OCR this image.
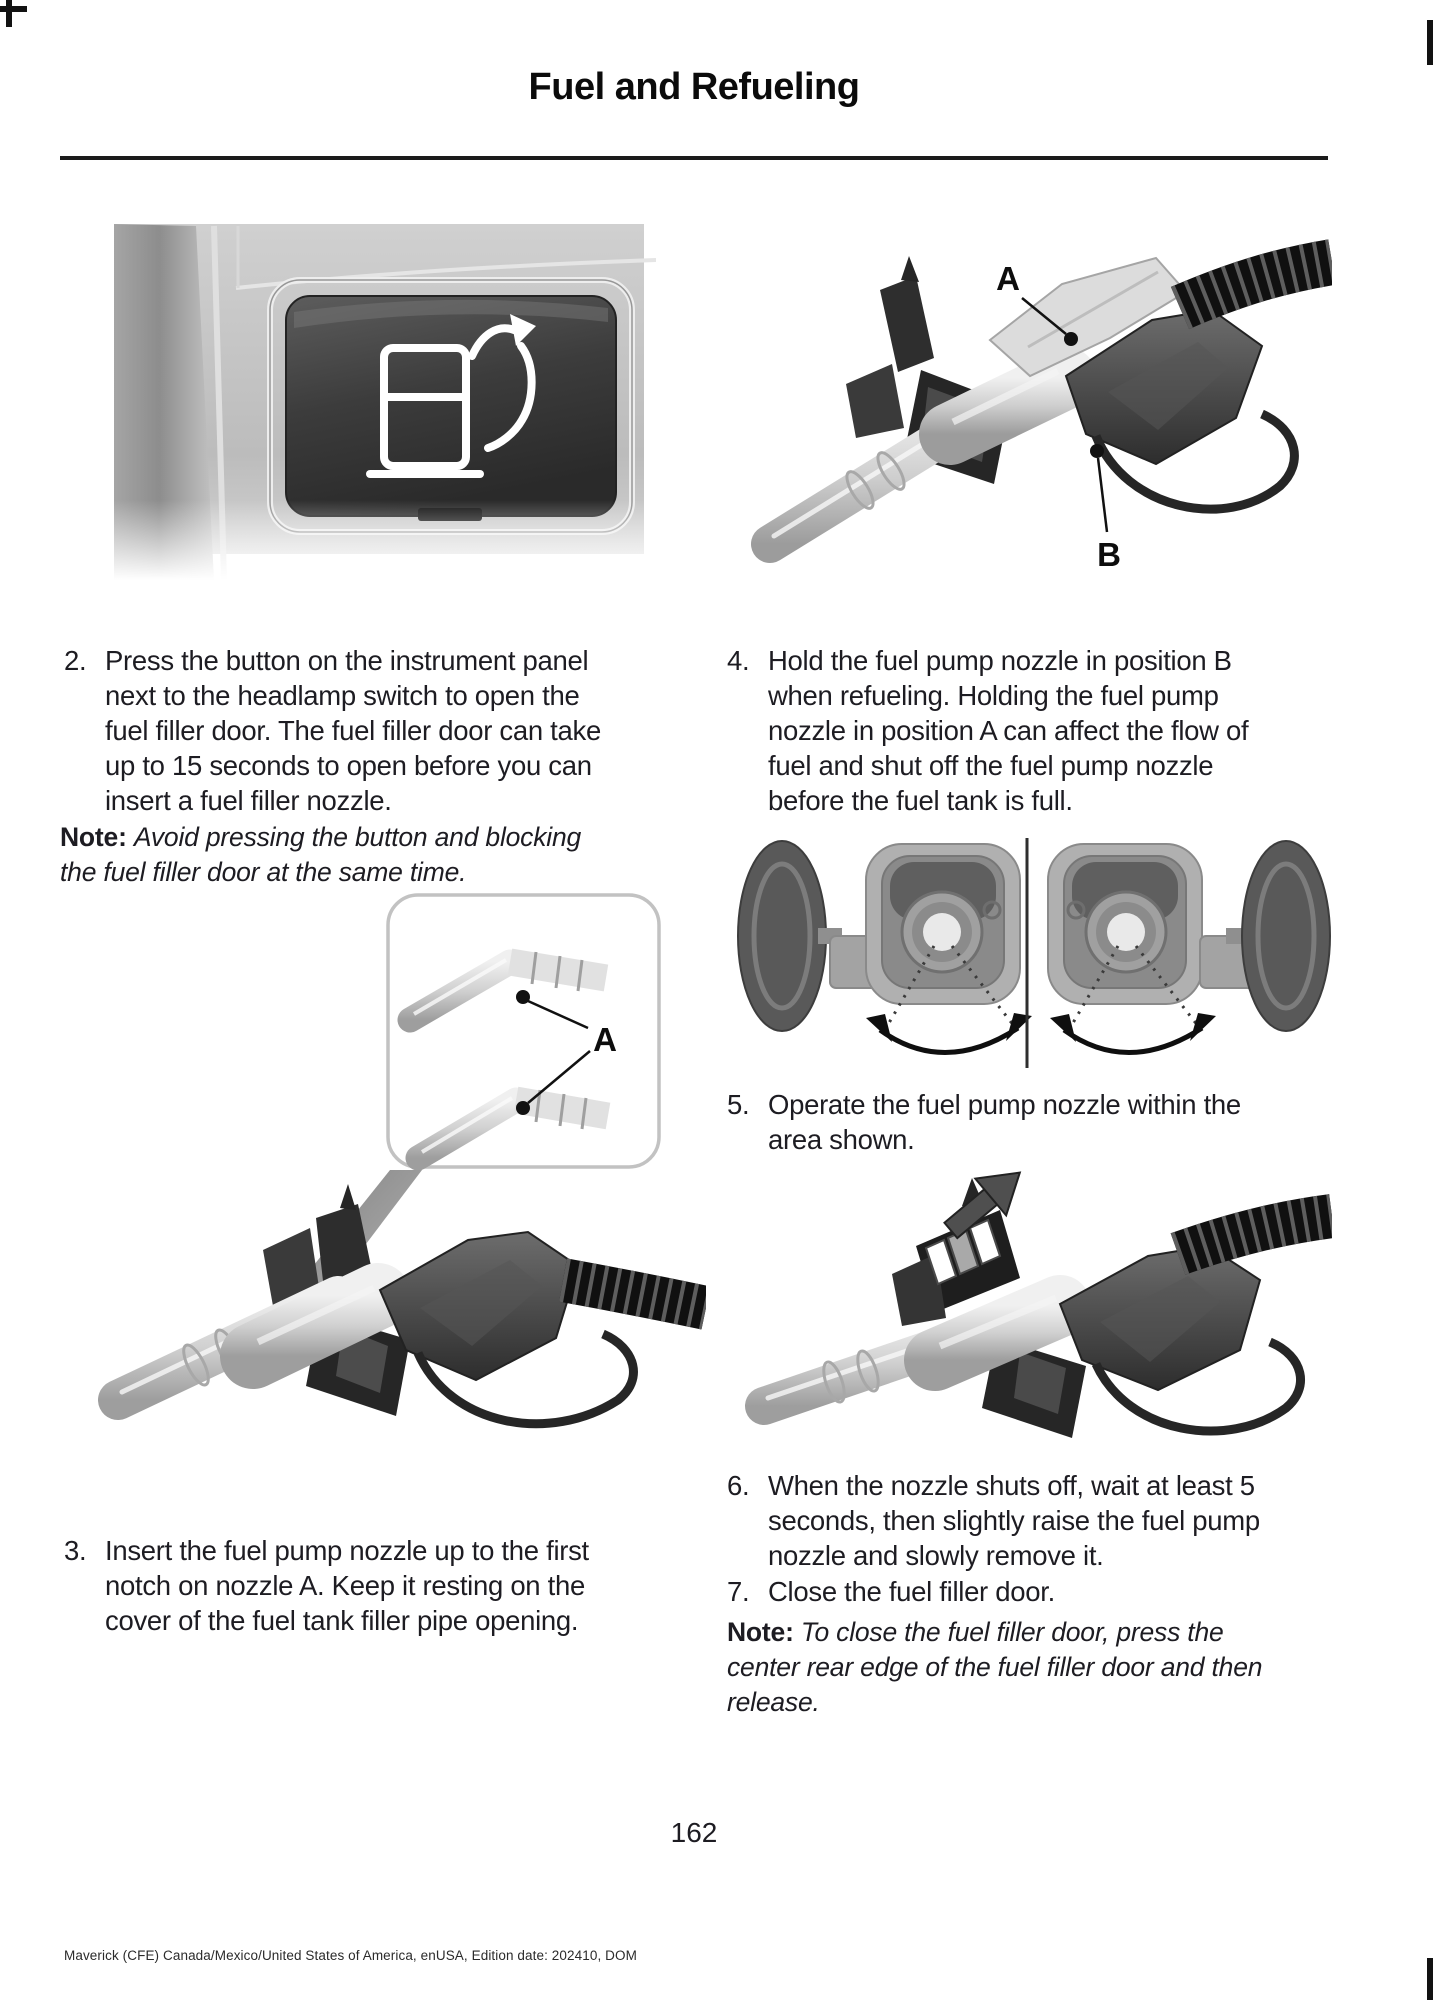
Fuel and Refueling
A
B
2. Press the button on the instrument panel next to the headlamp switch to open the fuel filler door. The fuel filler door can take up to 15 seconds to open before you can insert a fuel filler nozzle.
Note: Avoid pressing the button and blocking the fuel filler door at the same time.
A
3. Insert the fuel pump nozzle up to the first notch on nozzle A. Keep it resting on the cover of the fuel tank filler pipe opening.
4. Hold the fuel pump nozzle in position B when refueling. Holding the fuel pump nozzle in position A can affect the flow of fuel and shut off the fuel pump nozzle before the fuel tank is full.
5. Operate the fuel pump nozzle within the area shown.
6. When the nozzle shuts off, wait at least 5 seconds, then slightly raise the fuel pump nozzle and slowly remove it.
7. Close the fuel filler door.
Note: To close the fuel filler door, press the center rear edge of the fuel filler door and then release.
162
Maverick (CFE) Canada/Mexico/United States of America, enUSA, Edition date: 202410, DOM
